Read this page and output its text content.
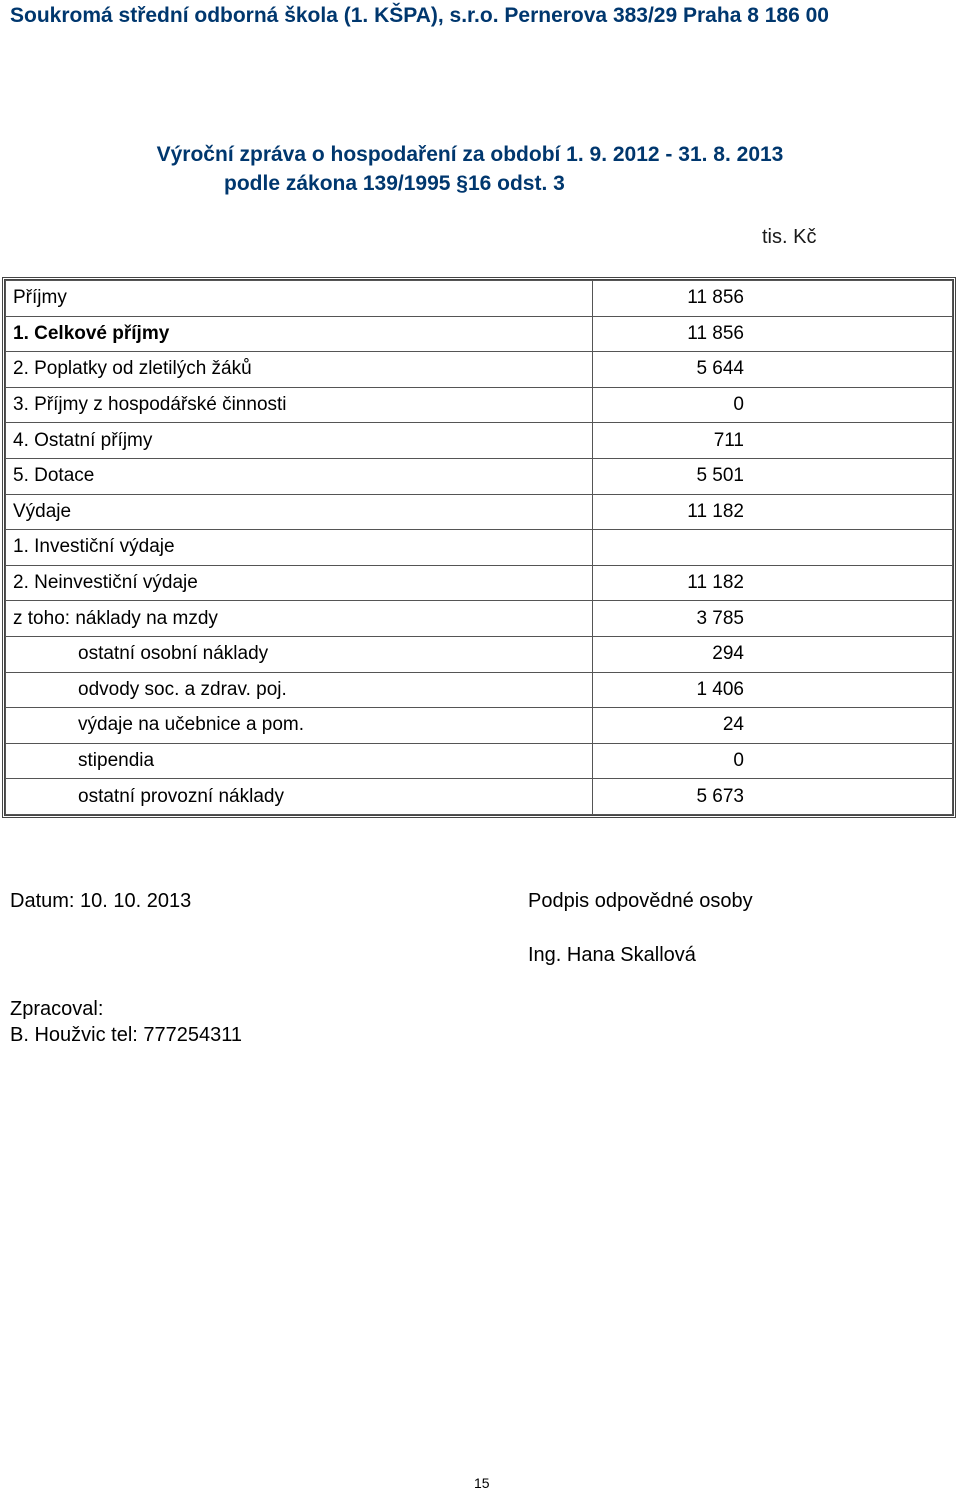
Soukromá střední odborná škola (1. KŠPA), s.r.o. Pernerova 383/29 Praha 8 186 00
Výroční zpráva o hospodaření za období 1. 9. 2012 - 31. 8. 2013
podle zákona 139/1995 §16 odst. 3
tis. Kč
Příjmy	11 856
1. Celkové příjmy	11 856
2. Poplatky od zletilých žáků	5 644
3. Příjmy z hospodářské činnosti	0
4. Ostatní příjmy	711
5. Dotace	5 501
Výdaje	11 182
1. Investiční výdaje	
2. Neinvestiční výdaje	11 182
z toho: náklady na mzdy	3 785
ostatní osobní náklady	294
odvody soc. a zdrav. poj.	1 406
výdaje na učebnice a pom.	24
stipendia	0
ostatní provozní náklady	5 673
Datum: 10. 10. 2013	Podpis odpovědné osoby
Ing. Hana Skallová
Zpracoval:
B. Houžvic tel: 777254311
15
